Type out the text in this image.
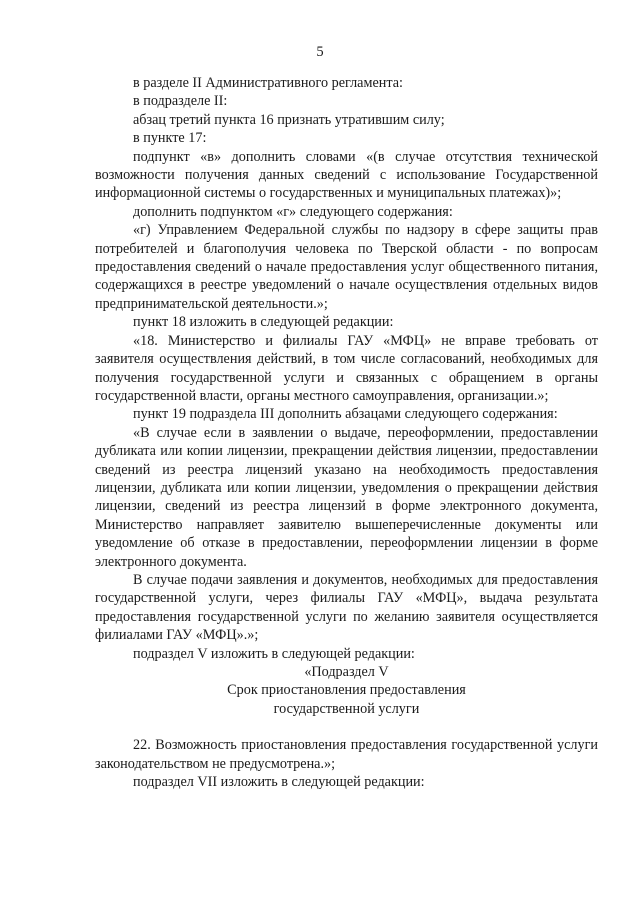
5

в разделе II Административного регламента:

в подразделе II:

абзац третий пункта 16 признать утратившим силу;

в пункте 17:

подпункт «в» дополнить словами «(в случае отсутствия технической возможности получения данных сведений с использование Государственной информационной системы о государственных и муниципальных платежах)»;

дополнить подпунктом «г» следующего содержания:

«г) Управлением Федеральной службы по надзору в сфере защиты прав потребителей и благополучия человека по Тверской области - по вопросам предоставления сведений о начале предоставления услуг общественного питания, содержащихся в реестре уведомлений о начале осуществления отдельных видов предпринимательской деятельности.»;

пункт 18 изложить в следующей редакции:

«18. Министерство и филиалы ГАУ «МФЦ» не вправе требовать от заявителя осуществления действий, в том числе согласований, необходимых для получения государственной услуги и связанных с обращением в органы государственной власти, органы местного самоуправления, организации.»;

пункт 19 подраздела III дополнить абзацами следующего содержания:

«В случае если в заявлении о выдаче, переоформлении, предоставлении дубликата или копии лицензии, прекращении действия лицензии, предоставлении сведений из реестра лицензий указано на необходимость предоставления лицензии, дубликата или копии лицензии, уведомления о прекращении действия лицензии, сведений из реестра лицензий в форме электронного документа, Министерство направляет заявителю вышеперечисленные документы или уведомление об отказе в предоставлении, переоформлении лицензии в форме электронного документа.

В случае подачи заявления и документов, необходимых для предоставления государственной услуги, через филиалы ГАУ «МФЦ», выдача результата предоставления государственной услуги по желанию заявителя осуществляется филиалами ГАУ «МФЦ».»;

подраздел V изложить в следующей редакции:

«Подраздел V

Срок приостановления предоставления

государственной услуги

22. Возможность приостановления предоставления государственной услуги законодательством не предусмотрена.»;

подраздел VII изложить в следующей редакции:
